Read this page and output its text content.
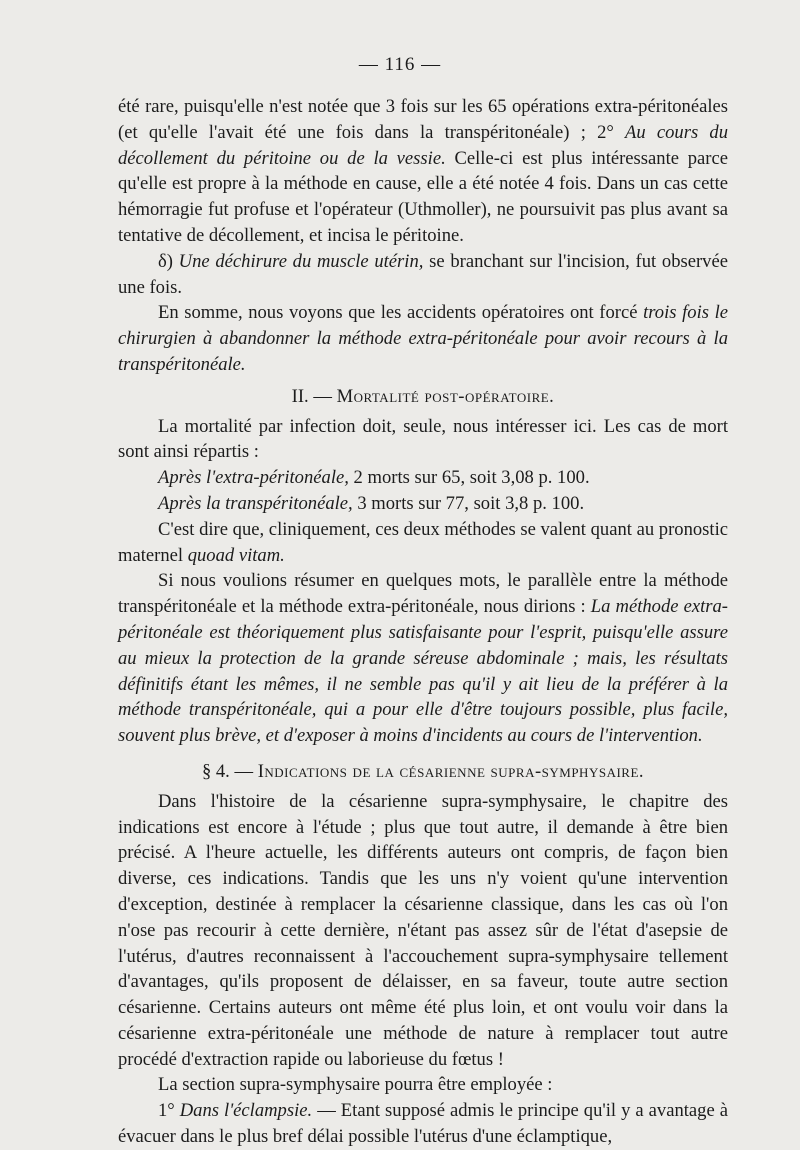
— 116 —

été rare, puisqu'elle n'est notée que 3 fois sur les 65 opérations extra-péritonéales (et qu'elle l'avait été une fois dans la transpéritonéale) ; 2° Au cours du décollement du péritoine ou de la vessie. Celle-ci est plus intéressante parce qu'elle est propre à la méthode en cause, elle a été notée 4 fois. Dans un cas cette hémorragie fut profuse et l'opérateur (Uthmoller), ne poursuivit pas plus avant sa tentative de décollement, et incisa le péritoine.

δ) Une déchirure du muscle utérin, se branchant sur l'incision, fut observée une fois.

En somme, nous voyons que les accidents opératoires ont forcé trois fois le chirurgien à abandonner la méthode extra-péritonéale pour avoir recours à la transpéritonéale.

II. — Mortalité post-opératoire.

La mortalité par infection doit, seule, nous intéresser ici. Les cas de mort sont ainsi répartis :

Après l'extra-péritonéale, 2 morts sur 65, soit 3,08 p. 100.

Après la transpéritonéale, 3 morts sur 77, soit 3,8 p. 100.

C'est dire que, cliniquement, ces deux méthodes se valent quant au pronostic maternel quoad vitam.

Si nous voulions résumer en quelques mots, le parallèle entre la méthode transpéritonéale et la méthode extra-péritonéale, nous dirions : La méthode extra-péritonéale est théoriquement plus satisfaisante pour l'esprit, puisqu'elle assure au mieux la protection de la grande séreuse abdominale ; mais, les résultats définitifs étant les mêmes, il ne semble pas qu'il y ait lieu de la préférer à la méthode transpéritonéale, qui a pour elle d'être toujours possible, plus facile, souvent plus brève, et d'exposer à moins d'incidents au cours de l'intervention.

§ 4. — Indications de la césarienne supra-symphysaire.

Dans l'histoire de la césarienne supra-symphysaire, le chapitre des indications est encore à l'étude ; plus que tout autre, il demande à être bien précisé. A l'heure actuelle, les différents auteurs ont compris, de façon bien diverse, ces indications. Tandis que les uns n'y voient qu'une intervention d'exception, destinée à remplacer la césarienne classique, dans les cas où l'on n'ose pas recourir à cette dernière, n'étant pas assez sûr de l'état d'asepsie de l'utérus, d'autres reconnaissent à l'accouchement supra-symphysaire tellement d'avantages, qu'ils proposent de délaisser, en sa faveur, toute autre section césarienne. Certains auteurs ont même été plus loin, et ont voulu voir dans la césarienne extra-péritonéale une méthode de nature à remplacer tout autre procédé d'extraction rapide ou laborieuse du fœtus !

La section supra-symphysaire pourra être employée :

1° Dans l'éclampsie. — Etant supposé admis le principe qu'il y a avantage à évacuer dans le plus bref délai possible l'utérus d'une éclamptique,
